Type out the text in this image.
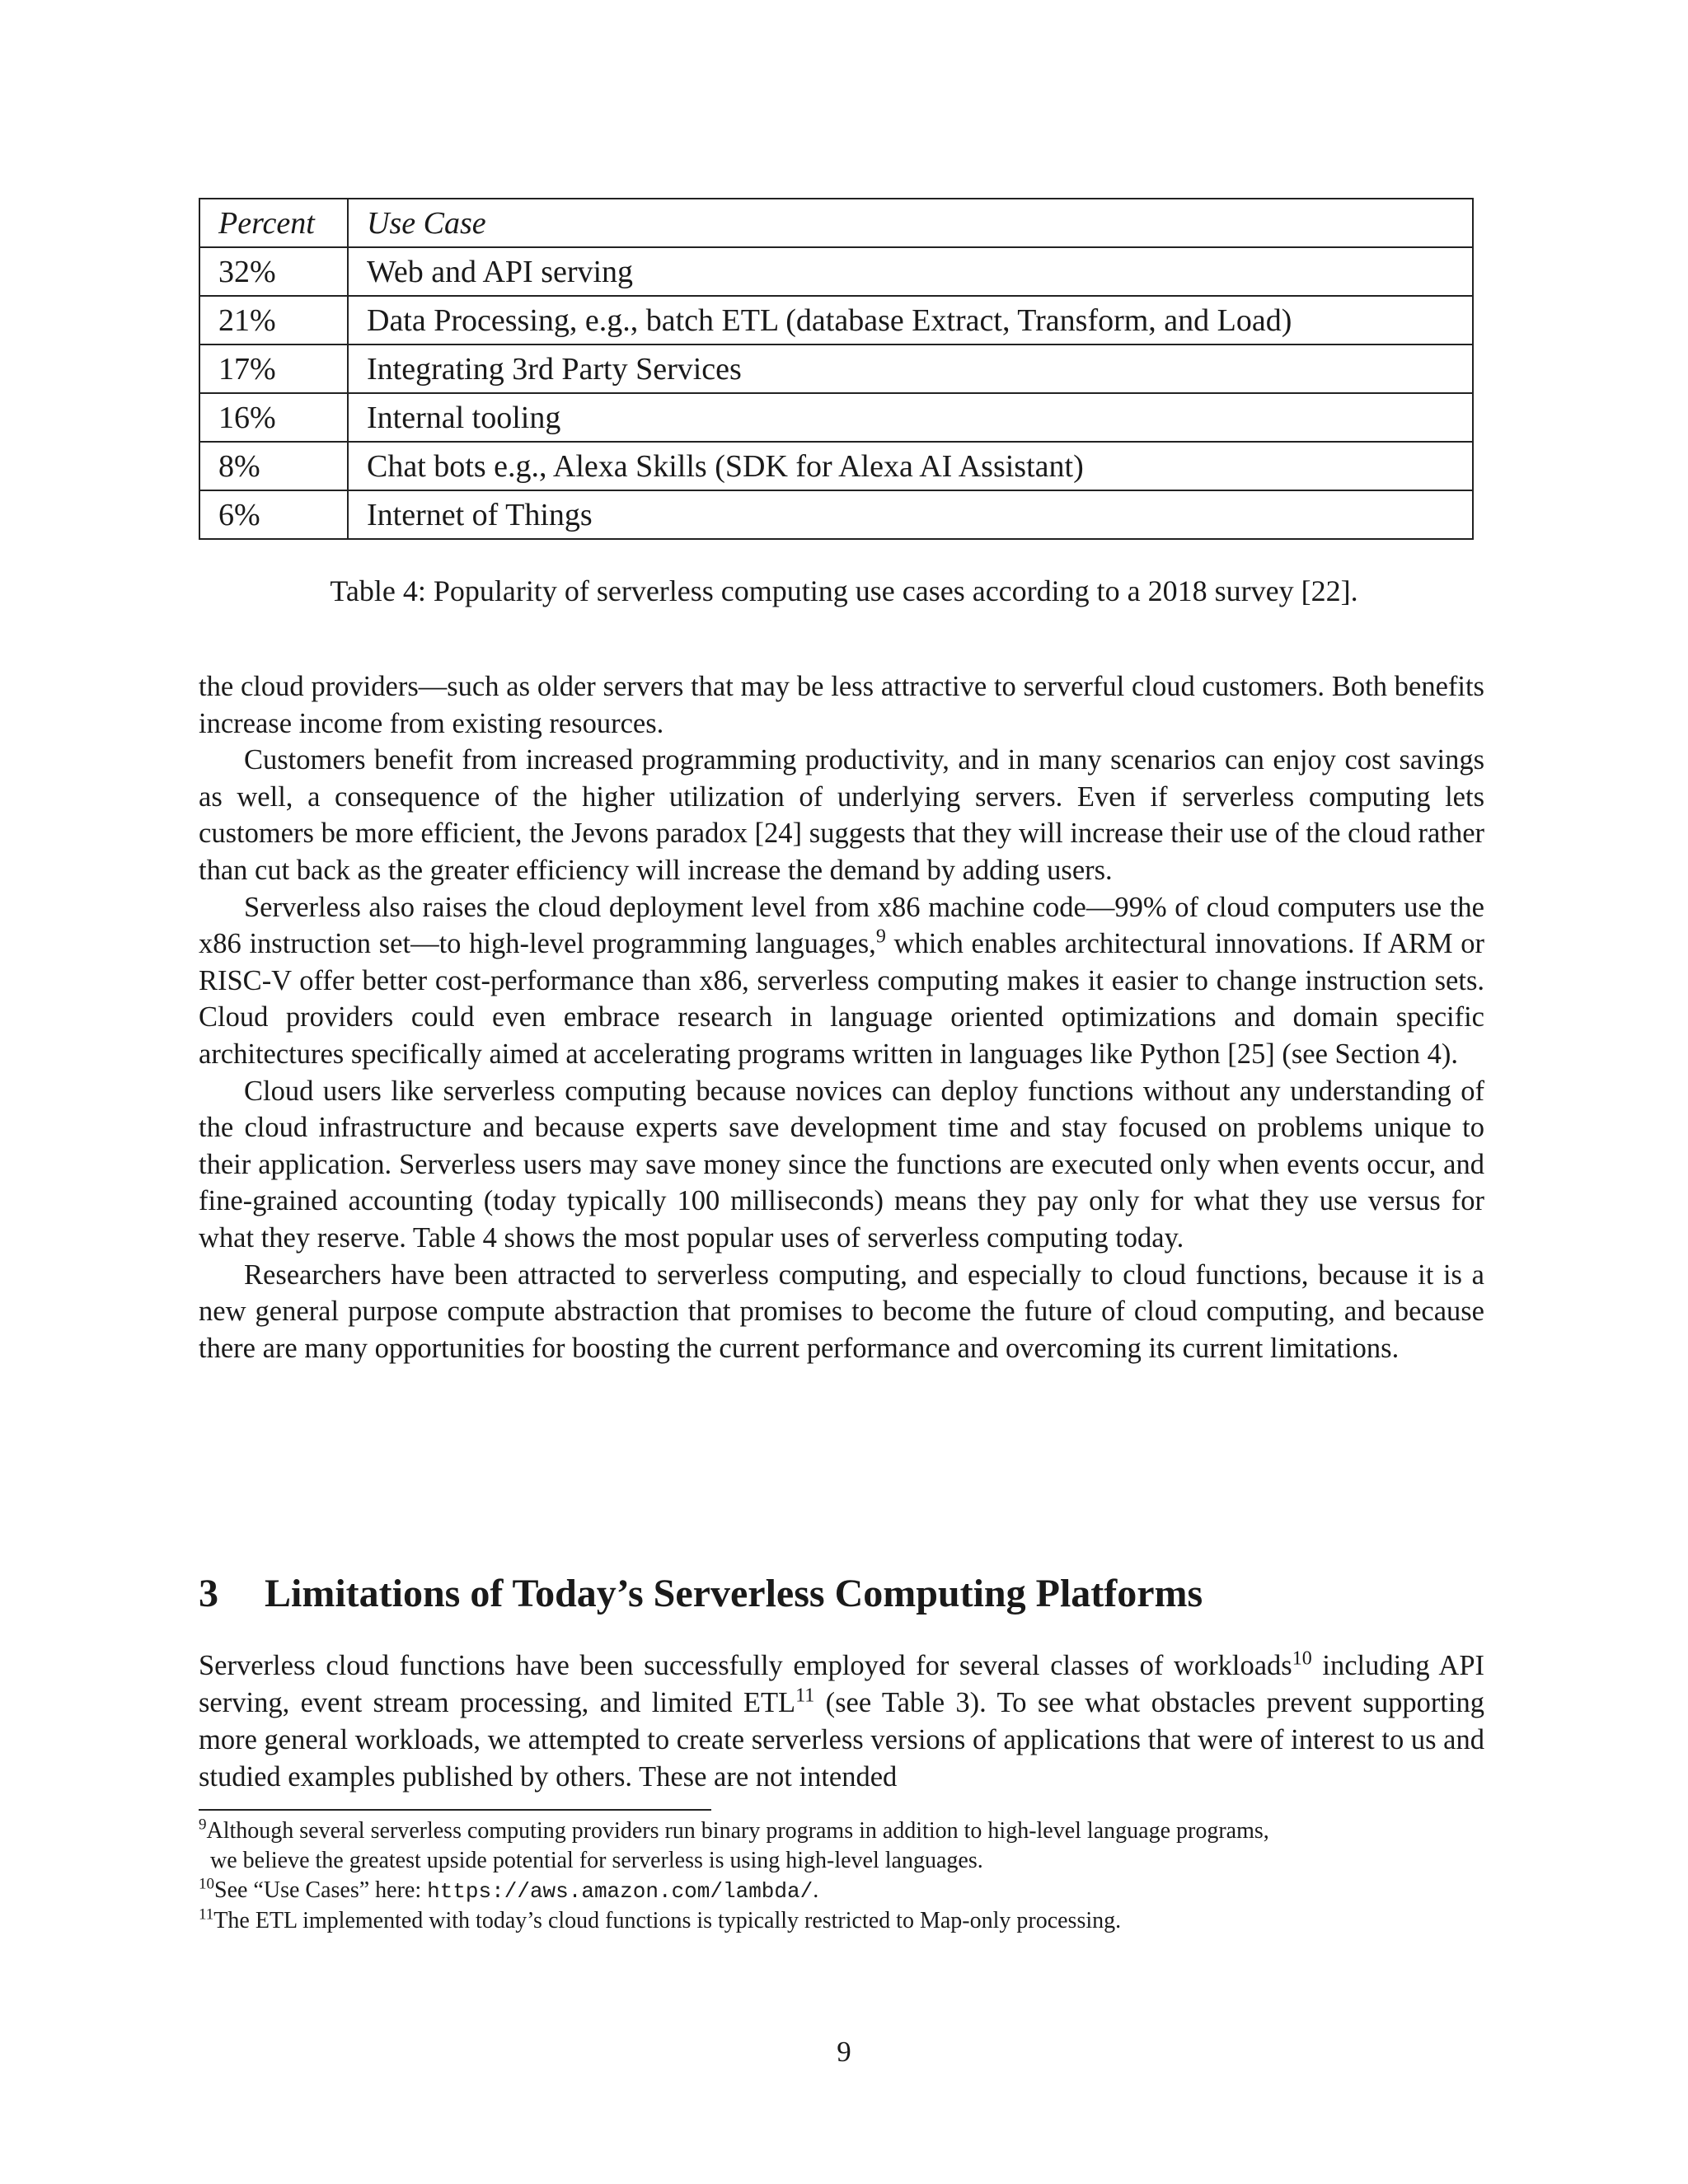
Percent	Use Case
32%	Web and API serving
21%	Data Processing, e.g., batch ETL (database Extract, Transform, and Load)
17%	Integrating 3rd Party Services
16%	Internal tooling
8%	Chat bots e.g., Alexa Skills (SDK for Alexa AI Assistant)
6%	Internet of Things
Table 4: Popularity of serverless computing use cases according to a 2018 survey [22].

the cloud providers—such as older servers that may be less attractive to serverful cloud customers. Both benefits increase income from existing resources.

Customers benefit from increased programming productivity, and in many scenarios can enjoy cost savings as well, a consequence of the higher utilization of underlying servers. Even if serverless computing lets customers be more efficient, the Jevons paradox [24] suggests that they will increase their use of the cloud rather than cut back as the greater efficiency will increase the demand by adding users.

Serverless also raises the cloud deployment level from x86 machine code—99% of cloud computers use the x86 instruction set—to high-level programming languages,$^9$ which enables architectural innovations. If ARM or RISC-V offer better cost-performance than x86, serverless computing makes it easier to change instruction sets. Cloud providers could even embrace research in language oriented optimizations and domain specific architectures specifically aimed at accelerating programs written in languages like Python [25] (see Section 4).

Cloud users like serverless computing because novices can deploy functions without any understanding of the cloud infrastructure and because experts save development time and stay focused on problems unique to their application. Serverless users may save money since the functions are executed only when events occur, and fine-grained accounting (today typically 100 milliseconds) means they pay only for what they use versus for what they reserve. Table 4 shows the most popular uses of serverless computing today.

Researchers have been attracted to serverless computing, and especially to cloud functions, because it is a new general purpose compute abstraction that promises to become the future of cloud computing, and because there are many opportunities for boosting the current performance and overcoming its current limitations.

3 Limitations of Today’s Serverless Computing Platforms

Serverless cloud functions have been successfully employed for several classes of workloads$^{10}$ including API serving, event stream processing, and limited ETL$^{11}$ (see Table 3). To see what obstacles prevent supporting more general workloads, we attempted to create serverless versions of applications that were of interest to us and studied examples published by others. These are not intended

$^9$Although several serverless computing providers run binary programs in addition to high-level language programs,
we believe the greatest upside potential for serverless is using high-level languages.

$^{10}$See “Use Cases” here: https://aws.amazon.com/lambda/.

$^{11}$The ETL implemented with today’s cloud functions is typically restricted to Map-only processing.

9
